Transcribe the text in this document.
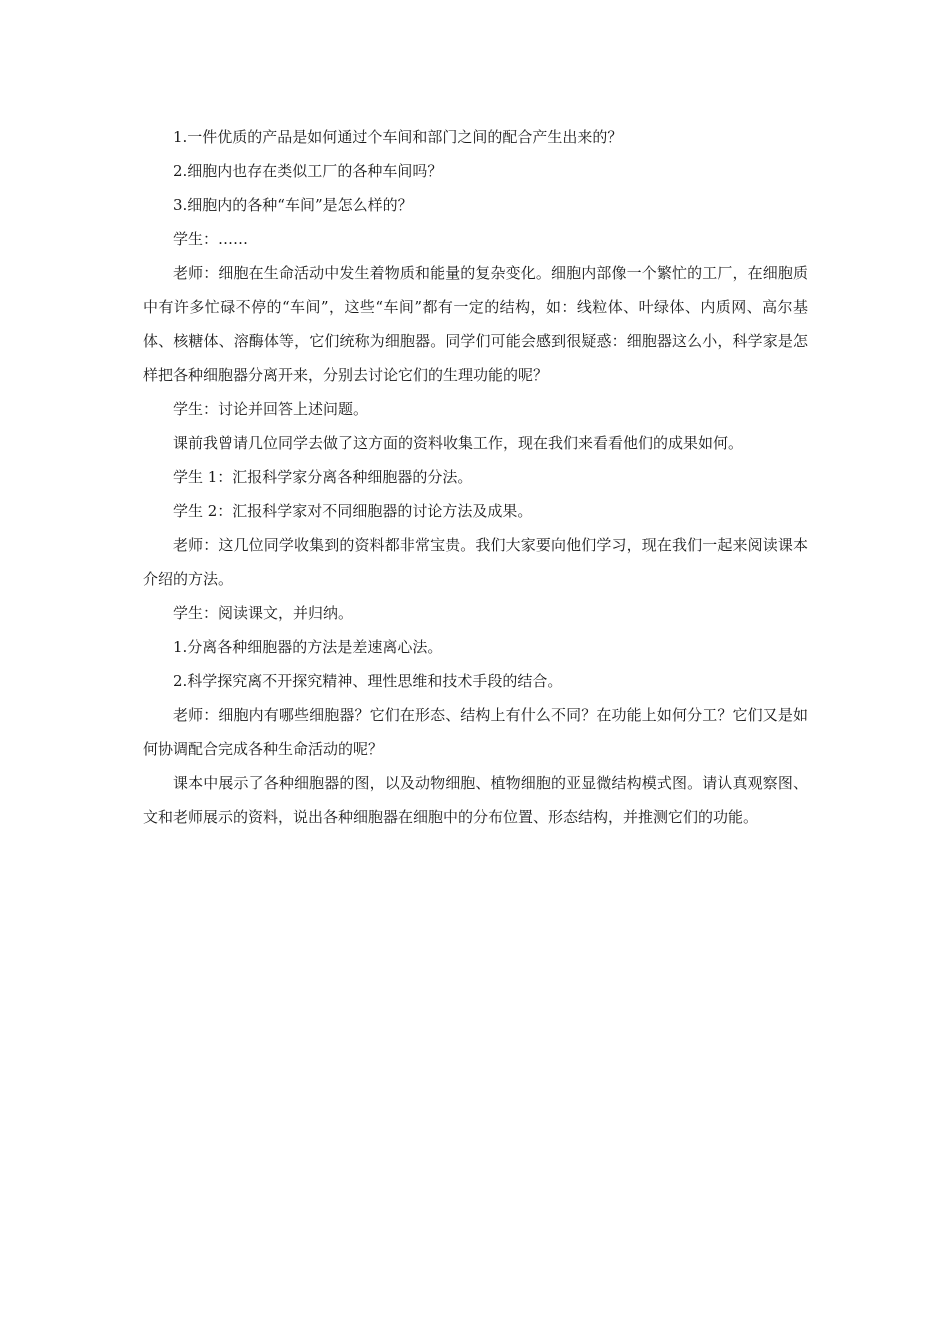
1.一件优质的产品是如何通过个车间和部门之间的配合产生出来的？

2.细胞内也存在类似工厂的各种车间吗？

3.细胞内的各种“车间”是怎么样的？

学生：……

老师：细胞在生命活动中发生着物质和能量的复杂变化。细胞内部像一个繁忙的工厂，在细胞质中有许多忙碌不停的“车间”，这些“车间”都有一定的结构，如：线粒体、叶绿体、内质网、高尔基体、核糖体、溶酶体等，它们统称为细胞器。同学们可能会感到很疑惑：细胞器这么小，科学家是怎样把各种细胞器分离开来，分别去讨论它们的生理功能的呢？

学生：讨论并回答上述问题。

课前我曾请几位同学去做了这方面的资料收集工作，现在我们来看看他们的成果如何。

学生 1：汇报科学家分离各种细胞器的分法。

学生 2：汇报科学家对不同细胞器的讨论方法及成果。

老师：这几位同学收集到的资料都非常宝贵。我们大家要向他们学习，现在我们一起来阅读课本介绍的方法。

学生：阅读课文，并归纳。

1.分离各种细胞器的方法是差速离心法。

2.科学探究离不开探究精神、理性思维和技术手段的结合。

老师：细胞内有哪些细胞器？它们在形态、结构上有什么不同？在功能上如何分工？它们又是如何协调配合完成各种生命活动的呢？

课本中展示了各种细胞器的图，以及动物细胞、植物细胞的亚显微结构模式图。请认真观察图、文和老师展示的资料，说出各种细胞器在细胞中的分布位置、形态结构，并推测它们的功能。
